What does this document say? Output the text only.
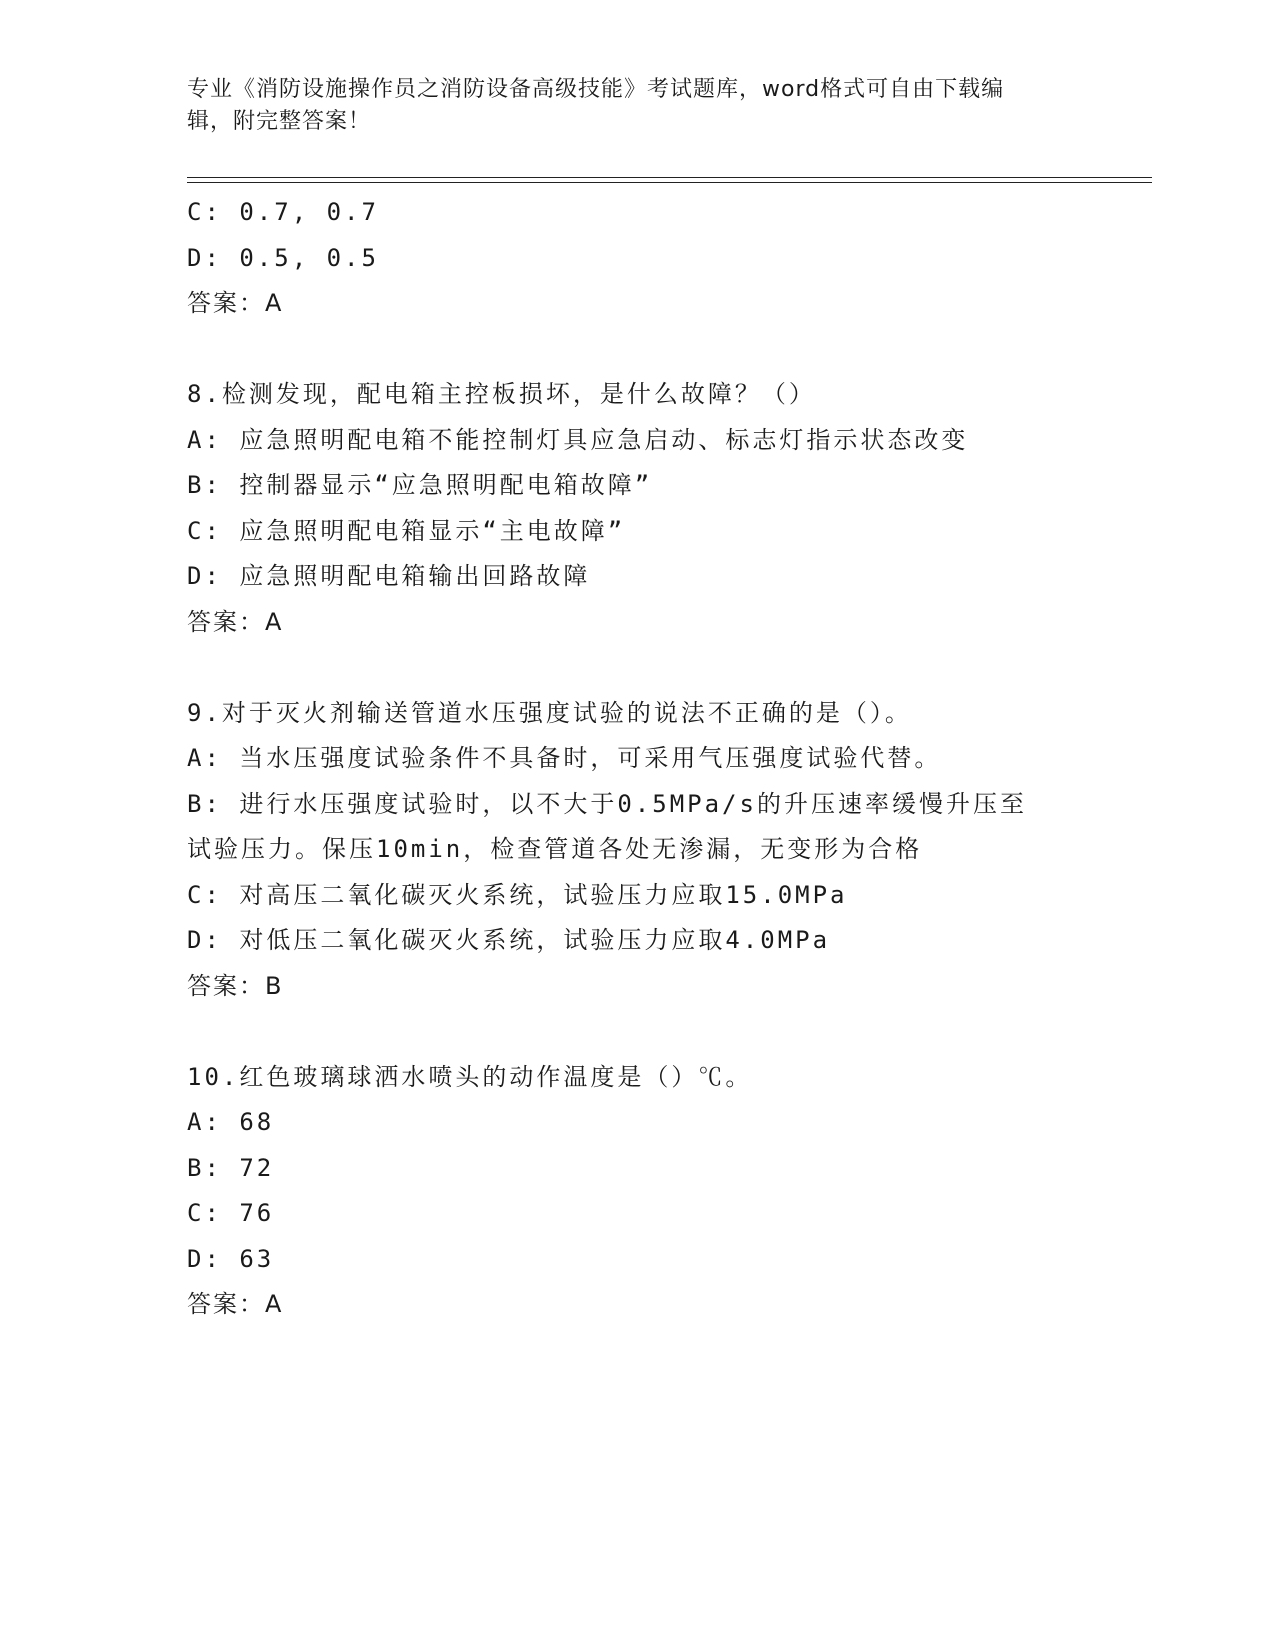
专业《消防设施操作员之消防设备高级技能》考试题库，word格式可自由下载编
辑，附完整答案！
C: 0.7, 0.7
D: 0.5, 0.5
答案：A
8.检测发现，配电箱主控板损坏，是什么故障？（）
A: 应急照明配电箱不能控制灯具应急启动、标志灯指示状态改变
B: 控制器显示“应急照明配电箱故障”
C: 应急照明配电箱显示“主电故障”
D: 应急照明配电箱输出回路故障
答案：A
9.对于灭火剂输送管道水压强度试验的说法不正确的是（）。
A: 当水压强度试验条件不具备时，可采用气压强度试验代替。
B: 进行水压强度试验时，以不大于0.5MPa/s的升压速率缓慢升压至
试验压力。保压10min，检查管道各处无渗漏，无变形为合格
C: 对高压二氧化碳灭火系统，试验压力应取15.0MPa
D: 对低压二氧化碳灭火系统，试验压力应取4.0MPa
答案：B
10.红色玻璃球洒水喷头的动作温度是（）℃。
A: 68
B: 72
C: 76
D: 63
答案：A
